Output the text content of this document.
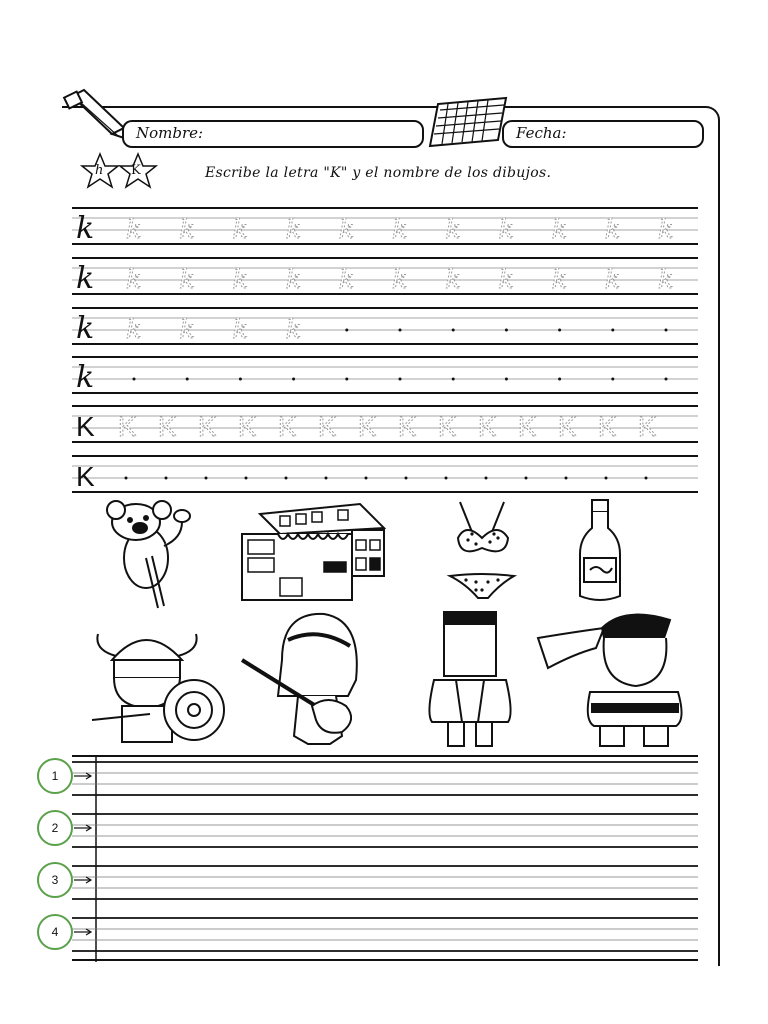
Nombre:	Fecha:
h K	Escribe la letra "K" y el nombre de los dibujos.
k k k k k k k k k k k k
k k k k k k k k k k k k
k k k k k
k
K K K K K K K K K K K K K K K
K
1
2
3
4
